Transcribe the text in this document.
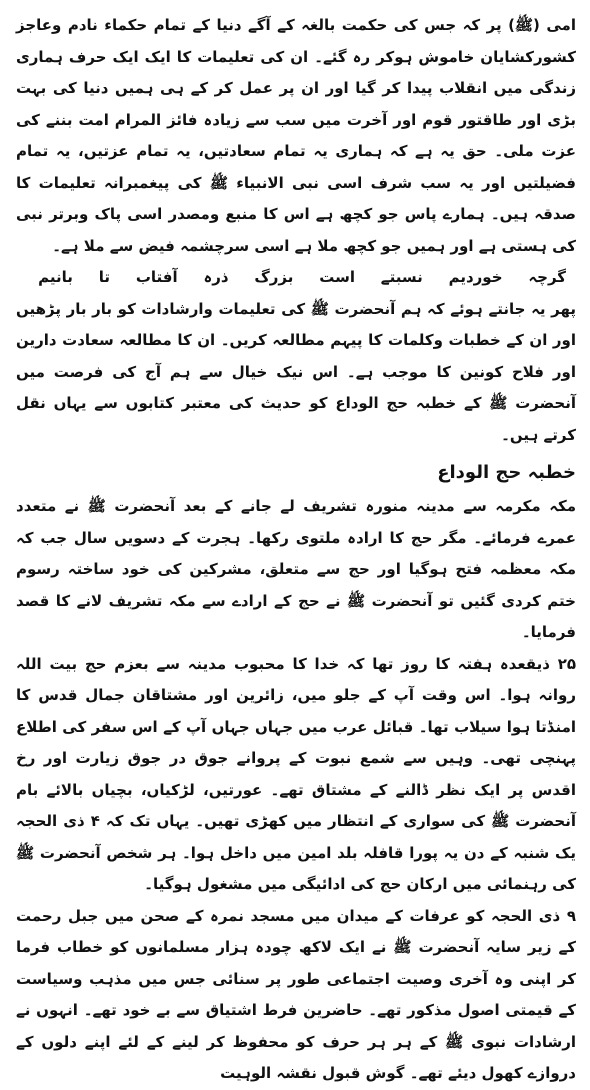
امی (ﷺ) پر کہ جس کی حکمت بالغہ کے آگے دنیا کے تمام حکماء نادم وعاجز کشورکشایان خاموش ہوکر رہ گئے۔ ان کی تعلیمات کا ایک ایک حرف ہماری زندگی میں انقلاب پیدا کر گیا اور ان پر عمل کر کے ہی ہمیں دنیا کی بہت بڑی اور طاقتور قوم اور آخرت میں سب سے زیادہ فائز المرام امت بننے کی عزت ملی۔ حق یہ ہے کہ ہماری یہ تمام سعادتیں، یہ تمام عزتیں، یہ تمام فضیلتیں اور یہ سب شرف اسی نبی الانبیاء ﷺ کی پیغمبرانہ تعلیمات کا صدقہ ہیں۔ ہمارے پاس جو کچھ ہے اس کا منبع ومصدر اسی پاک وبرتر نبی کی ہستی ہے اور ہمیں جو کچھ ملا ہے اسی سرچشمہ فیض سے ملا ہے۔

گرچہ
خوردیم
نسبتے
است
بزرگ
ذرہ
آفتاب
تا
بانیم

پھر یہ جانتے ہوئے کہ ہم آنحضرت ﷺ کی تعلیمات وارشادات کو بار بار پڑھیں اور ان کے خطبات وکلمات کا پیہم مطالعہ کریں۔ ان کا مطالعہ سعادت دارین اور فلاح کونین کا موجب ہے۔ اس نیک خیال سے ہم آج کی فرصت میں آنحضرت ﷺ کے خطبہ حج الوداع کو حدیث کی معتبر کتابوں سے یہاں نقل کرتے ہیں۔

خطبہ حج الوداع

مکہ مکرمہ سے مدینہ منورہ تشریف لے جانے کے بعد آنحضرت ﷺ نے متعدد عمرے فرمائے۔ مگر حج کا ارادہ ملتوی رکھا۔ ہجرت کے دسویں سال جب کہ مکہ معظمہ فتح ہوگیا اور حج سے متعلق، مشرکین کی خود ساختہ رسوم ختم کردی گئیں تو آنحضرت ﷺ نے حج کے ارادے سے مکہ تشریف لانے کا قصد فرمایا۔

۲۵ ذیقعدہ ہفتہ کا روز تھا کہ خدا کا محبوب مدینہ سے بعزم حج بیت اللہ روانہ ہوا۔ اس وقت آپ کے جلو میں، زائرین اور مشتاقان جمال قدس کا امنڈتا ہوا سیلاب تھا۔ قبائل عرب میں جہاں جہاں آپ کے اس سفر کی اطلاع پہنچی تھی۔ وہیں سے شمع نبوت کے پروانے جوق در جوق زیارت اور رخ اقدس پر ایک نظر ڈالنے کے مشتاق تھے۔ عورتیں، لڑکیاں، بچیاں بالائے بام آنحضرت ﷺ کی سواری کے انتظار میں کھڑی تھیں۔ یہاں تک کہ ۴ ذی الحجہ یک شنبہ کے دن یہ پورا قافلہ بلد امین میں داخل ہوا۔ ہر شخص آنحضرت ﷺ کی رہنمائی میں ارکان حج کی ادائیگی میں مشغول ہوگیا۔

۹ ذی الحجہ کو عرفات کے میدان میں مسجد نمرہ کے صحن میں جبل رحمت کے زیر سایہ آنحضرت ﷺ نے ایک لاکھ چودہ ہزار مسلمانوں کو خطاب فرما کر اپنی وہ آخری وصیت اجتماعی طور پر سنائی جس میں مذہب وسیاست کے قیمتی اصول مذکور تھے۔ حاضرین فرط اشتیاق سے بے خود تھے۔ انہوں نے ارشادات نبوی ﷺ کے ہر ہر حرف کو محفوظ کر لینے کے لئے اپنے دلوں کے دروازے کھول دیئے تھے۔ گوش قبول نقشہ الوہیت
